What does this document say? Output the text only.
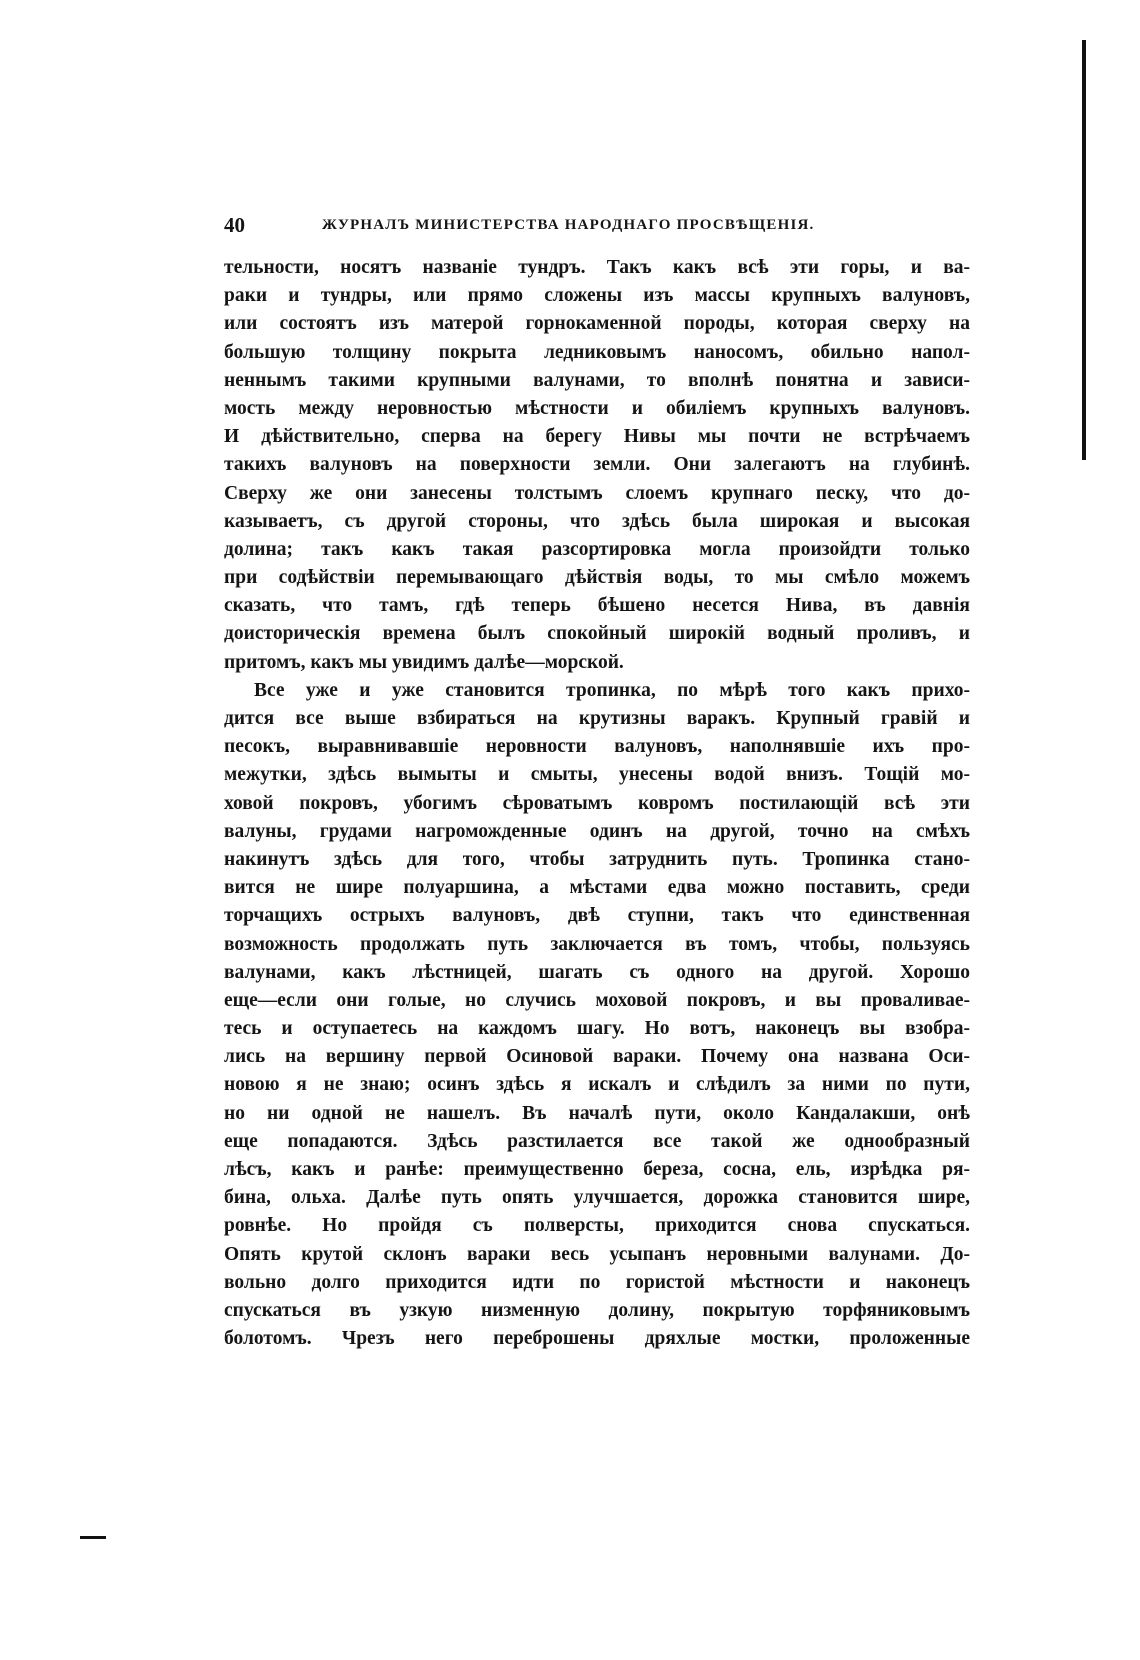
40	ЖУРНАЛЪ МИНИСТЕРСТВА НАРОДНАГО ПРОСВѢЩЕНІЯ.
тельности, носятъ названіе тундръ. Такъ какъ всѣ эти горы, и ва-
раки и тундры, или прямо сложены изъ массы крупныхъ валуновъ,
или состоятъ изъ матерой горнокаменной породы, которая сверху на
большую толщину покрыта ледниковымъ наносомъ, обильно напол-
неннымъ такими крупными валунами, то вполнѣ понятна и зависи-
мость между неровностью мѣстности и обиліемъ крупныхъ валуновъ.
И дѣйствительно, сперва на берегу Нивы мы почти не встрѣчаемъ
такихъ валуновъ на поверхности земли. Они залегаютъ на глубинѣ.
Сверху же они занесены толстымъ слоемъ крупнаго песку, что до-
казываетъ, съ другой стороны, что здѣсь была широкая и высокая
долина; такъ какъ такая разсортировка могла произойдти только
при содѣйствіи перемывающаго дѣйствія воды, то мы смѣло можемъ
сказать, что тамъ, гдѣ теперь бѣшено несется Нива, въ давнія
доисторическія времена былъ спокойный широкій водный проливъ, и
притомъ, какъ мы увидимъ далѣе—морской.
Все уже и уже становится тропинка, по мѣрѣ того какъ прихо-
дится все выше взбираться на крутизны варакъ. Крупный гравій и
песокъ, выравнивавшіе неровности валуновъ, наполнявшіе ихъ про-
межутки, здѣсь вымыты и смыты, унесены водой внизъ. Тощій мо-
ховой покровъ, убогимъ сѣроватымъ ковромъ постилающій всѣ эти
валуны, грудами нагроможденные одинъ на другой, точно на смѣхъ
накинутъ здѣсь для того, чтобы затруднить путь. Тропинка стано-
вится не шире полуаршина, а мѣстами едва можно поставить, среди
торчащихъ острыхъ валуновъ, двѣ ступни, такъ что единственная
возможность продолжать путь заключается въ томъ, чтобы, пользуясь
валунами, какъ лѣстницей, шагать съ одного на другой. Хорошо
еще—если они голые, но случись моховой покровъ, и вы проваливае-
тесь и оступаетесь на каждомъ шагу. Но вотъ, наконецъ вы взобра-
лись на вершину первой Осиновой вараки. Почему она названа Оси-
новою я не знаю; осинъ здѣсь я искалъ и слѣдилъ за ними по пути,
но ни одной не нашелъ. Въ началѣ пути, около Кандалакши, онѣ
еще попадаются. Здѣсь разстилается все такой же однообразный
лѣсъ, какъ и ранѣе: преимущественно береза, сосна, ель, изрѣдка ря-
бина, ольха. Далѣе путь опять улучшается, дорожка становится шире,
ровнѣе. Но пройдя съ полверсты, приходится снова спускаться.
Опять крутой склонъ вараки весь усыпанъ неровными валунами. До-
вольно долго приходится идти по гористой мѣстности и наконецъ
спускаться въ узкую низменную долину, покрытую торфяниковымъ
болотомъ. Чрезъ него переброшены дряхлые мостки, проложенные
